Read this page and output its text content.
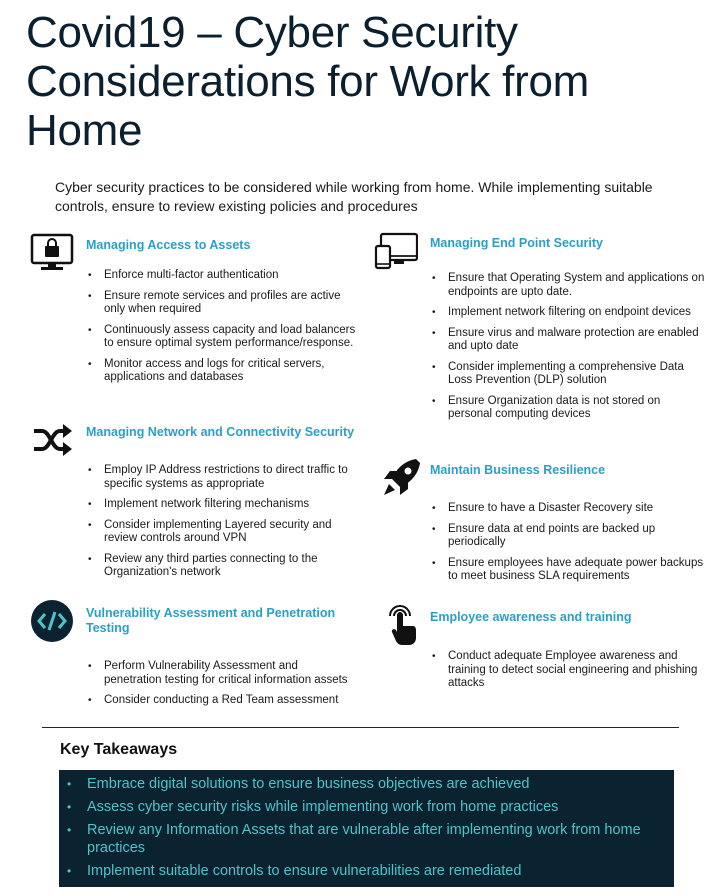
Covid19 – Cyber Security Considerations for Work from Home
Cyber security practices to be considered while working from home. While implementing suitable controls, ensure to review existing policies and procedures
Managing Access to Assets
• Enforce multi-factor authentication
• Ensure remote services and profiles are active only when required
• Continuously assess capacity and load balancers to ensure optimal system performance/response.
• Monitor access and logs for critical servers, applications and databases
Managing End Point Security
• Ensure that Operating System and applications on endpoints are upto date.
• Implement network filtering on endpoint devices
• Ensure virus and malware protection are enabled and upto date
• Consider implementing a comprehensive Data Loss Prevention (DLP) solution
• Ensure Organization data is not stored on personal computing devices
Managing Network and Connectivity Security
• Employ IP Address restrictions to direct traffic to specific systems as appropriate
• Implement network filtering mechanisms
• Consider implementing Layered security and review controls around VPN
• Review any third parties connecting to the Organization's network
Maintain Business Resilience
• Ensure to have a Disaster Recovery site
• Ensure data at end points are backed up periodically
• Ensure employees have adequate power backups to meet business SLA requirements
Vulnerability Assessment and Penetration Testing
• Perform Vulnerability Assessment and penetration testing for critical information assets
• Consider conducting a Red Team assessment
Employee awareness and training
• Conduct adequate Employee awareness and training to detect social engineering and phishing attacks
Key Takeaways
• Embrace digital solutions to ensure business objectives are achieved
• Assess cyber security risks while implementing work from home practices
• Review any Information Assets that are vulnerable after implementing work from home practices
• Implement suitable controls to ensure vulnerabilities are remediated
